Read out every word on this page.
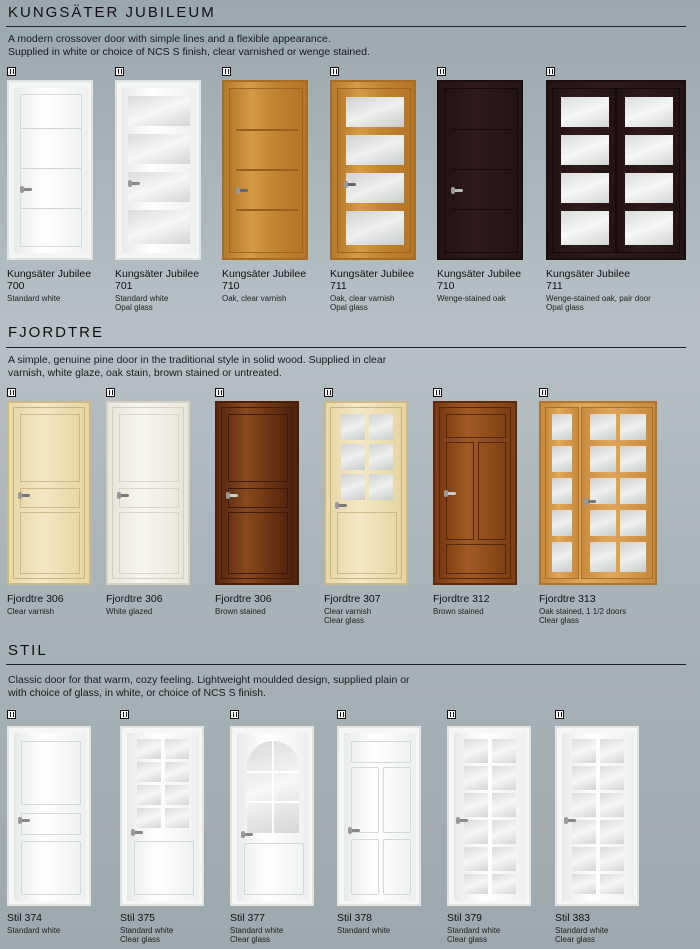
KUNGSÄTER JUBILEUM
A modern crossover door with simple lines and a flexible appearance.
Supplied in white or choice of NCS S finish, clear varnished or wenge stained.
Kungsäter Jubilee
700
Standard white
Kungsäter Jubilee
701
Standard white
Opal glass
Kungsäter Jubilee
710
Oak, clear varnish
Kungsäter Jubilee
711
Oak, clear varnish
Opal glass
Kungsäter Jubilee
710
Wenge-stained oak
Kungsäter Jubilee
711
Wenge-stained oak, pair door
Opal glass
FJORDTRE
A simple, genuine pine door in the traditional style in solid wood. Supplied in clear
varnish, white glaze, oak stain, brown stained or untreated.
Fjordtre 306
Clear varnish
Fjordtre 306
White glazed
Fjordtre 306
Brown stained
Fjordtre 307
Clear varnish
Clear glass
Fjordtre 312
Brown stained
Fjordtre 313
Oak stained, 1 1/2 doors
Clear glass
STIL
Classic door for that warm, cozy feeling. Lightweight moulded design, supplied plain or
with choice of glass, in white, or choice of NCS S finish.
Stil 374
Standard white
Stil 375
Standard white
Clear glass
Stil 377
Standard white
Clear glass
Stil 378
Standard white
Stil 379
Standard white
Clear glass
Stil 383
Standard white
Clear glass
